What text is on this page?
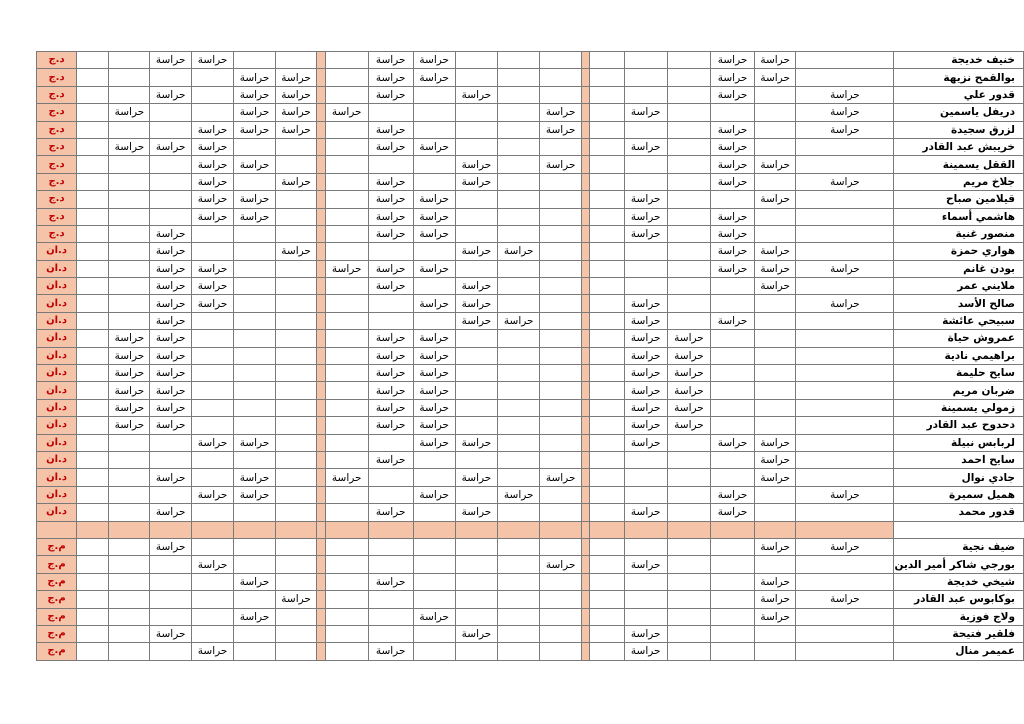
د.ج			حراسة	حراسة					حراسة	حراسة								حراسة	حراسة		خنيف خديجة
د.ج					حراسة	حراسة			حراسة	حراسة								حراسة	حراسة		بوالقمح نزيهة
د.ج			حراسة		حراسة	حراسة			حراسة		حراسة							حراسة		حراسة	قدور علي
د.ج		حراسة			حراسة	حراسة		حراسة					حراسة			حراسة				حراسة	دريفل ياسمين
د.ج				حراسة	حراسة	حراسة			حراسة				حراسة					حراسة		حراسة	لزرق سجيدة
د.ج		حراسة	حراسة	حراسة					حراسة	حراسة						حراسة		حراسة			خريبش عبد القادر
د.ج				حراسة	حراسة						حراسة		حراسة					حراسة	حراسة		الققل يسمينة
د.ج				حراسة		حراسة			حراسة		حراسة							حراسة		حراسة	جلاخ مريم
د.ج				حراسة	حراسة				حراسة	حراسة						حراسة			حراسة		قيلامين صباح
د.ج				حراسة	حراسة				حراسة	حراسة						حراسة		حراسة			هاشمي أسماء
د.ج			حراسة						حراسة	حراسة						حراسة		حراسة			منصور غنية
د.ان			حراسة			حراسة					حراسة	حراسة						حراسة	حراسة		هواري حمزة
د.ان			حراسة	حراسة				حراسة	حراسة	حراسة								حراسة	حراسة	حراسة	بودن غانم
د.ان			حراسة	حراسة					حراسة		حراسة								حراسة		ملايني عمر
د.ان			حراسة	حراسة						حراسة	حراسة					حراسة				حراسة	صالح الأسد
د.ان			حراسة								حراسة	حراسة				حراسة		حراسة			سبيحي عائشة
د.ان		حراسة	حراسة						حراسة	حراسة						حراسة	حراسة				عمروش حياة
د.ان		حراسة	حراسة						حراسة	حراسة						حراسة	حراسة				براهيمي نادية
د.ان		حراسة	حراسة						حراسة	حراسة						حراسة	حراسة				سايح حليمة
د.ان		حراسة	حراسة						حراسة	حراسة						حراسة	حراسة				ضربان مريم
د.ان		حراسة	حراسة						حراسة	حراسة						حراسة	حراسة				زمولي يسمينة
د.ان		حراسة	حراسة						حراسة	حراسة						حراسة	حراسة				دحدوح عبد القادر
د.ان				حراسة	حراسة					حراسة	حراسة					حراسة		حراسة	حراسة		لربابس نبيلة
د.ان									حراسة										حراسة		سايح احمد
د.ان			حراسة		حراسة			حراسة			حراسة		حراسة						حراسة		جادي نوال
د.ان				حراسة	حراسة					حراسة		حراسة						حراسة		حراسة	هميل سميرة
د.ان			حراسة						حراسة		حراسة					حراسة		حراسة			قدور محمد

م.ج			حراسة																حراسة	حراسة	ضيف نجية
م.ج				حراسة									حراسة			حراسة					بورجي شاكر أمير الدين
م.ج					حراسة				حراسة										حراسة		شيخي خديجة
م.ج						حراسة													حراسة	حراسة	بوكابوس عبد القادر
م.ج					حراسة					حراسة									حراسة		ولاج فوزية
م.ج			حراسة								حراسة					حراسة					فلقير فتيحة
م.ج				حراسة					حراسة							حراسة					عميمر منال
